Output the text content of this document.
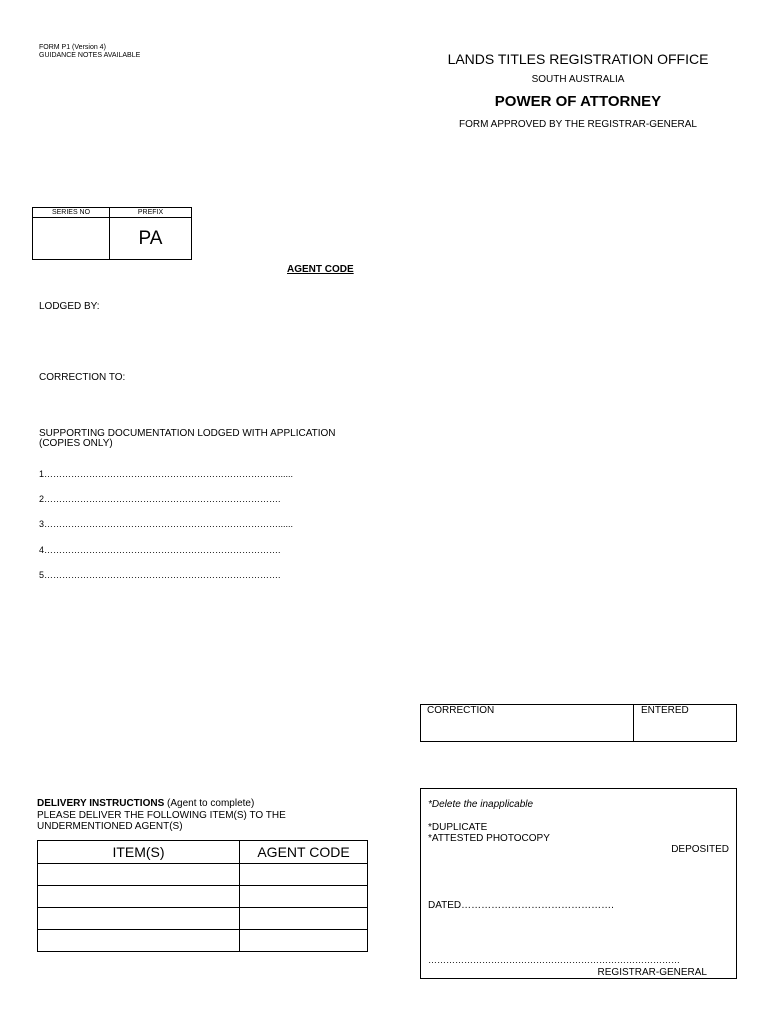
FORM P1 (Version 4)
GUIDANCE NOTES AVAILABLE	LANDS TITLES REGISTRATION OFFICE
SOUTH AUSTRALIA
POWER OF ATTORNEY
FORM APPROVED BY THE REGISTRAR-GENERAL
SERIES NO	PREFIX
PA
AGENT CODE
LODGED BY:
CORRECTION TO:
SUPPORTING DOCUMENTATION LODGED WITH APPLICATION
(COPIES ONLY)
1……………………………………………………………………......
2…………………………………………………………………….
3……………………………………………………………………......
4…………………………………………………………………….
5…………………………………………………………………….
CORRECTION	ENTERED
DELIVERY INSTRUCTIONS (Agent to complete)
PLEASE DELIVER THE FOLLOWING ITEM(S) TO THE
UNDERMENTIONED AGENT(S)
ITEM(S)	AGENT CODE

*Delete the inapplicable
*DUPLICATE
*ATTESTED PHOTOCOPY
DEPOSITED
DATED……………………………………….
…………………………………………………………………………
REGISTRAR-GENERAL
